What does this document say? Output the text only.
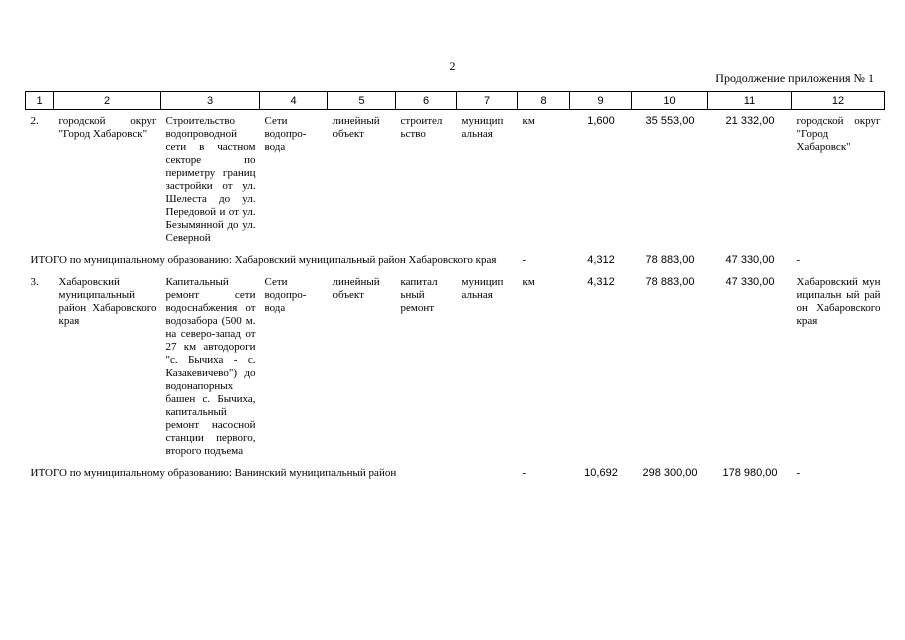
2
Продолжение приложения № 1
1	2	3	4	5	6	7	8	9	10	11	12
2.	городской округ "Город Хабаровск"	Строительство водопроводной сети в частном секторе по периметру границ застройки от ул. Шелеста до ул. Передовой и от ул. Безымянной до ул. Северной	Сети водопро-вода	линейный объект	строител ьство	муницип альная	км	1,600	35 553,00	21 332,00	городской округ "Город Хабаровск"
ИТОГО по муниципальному образованию: Хабаровский муниципальный район Хабаровского края							-	4,312	78 883,00	47 330,00	-
3.	Хабаровский муниципальный район Хабаровского края	Капитальный ремонт сети водоснабжения от водозабора (500 м. на северо-запад от 27 км автодороги "с. Бычиха - с. Казакевичево") до водонапорных башен с. Бычиха, капитальный ремонт насосной станции первого, второго подъема	Сети водопро-вода	линейный объект	капитал ьный ремонт	муницип альная	км	4,312	78 883,00	47 330,00	Хабаровский муниципальн ый район Хабаровского края
ИТОГО по муниципальному образованию: Ванинский муниципальный район							-	10,692	298 300,00	178 980,00	-
